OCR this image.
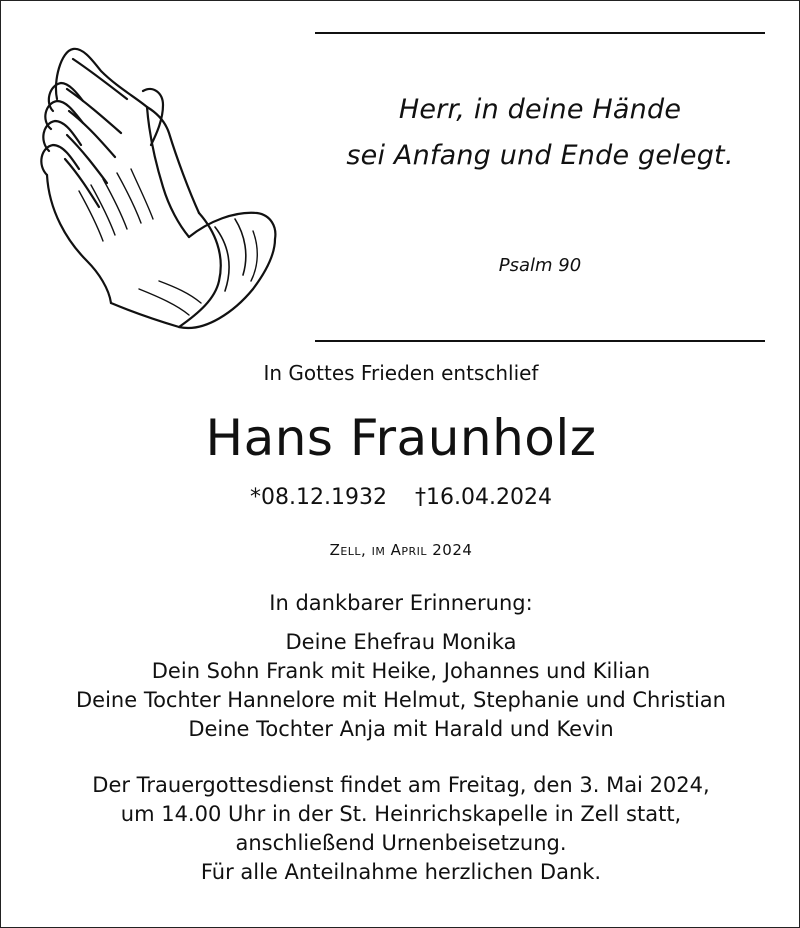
Herr, in deine Hände
sei Anfang und Ende gelegt.
Psalm 90
In Gottes Frieden entschlief
Hans Fraunholz
*08.12.1932 †16.04.2024
Zell, im April 2024
In dankbarer Erinnerung:
Deine Ehefrau Monika
Dein Sohn Frank mit Heike, Johannes und Kilian
Deine Tochter Hannelore mit Helmut, Stephanie und Christian
Deine Tochter Anja mit Harald und Kevin
Der Trauergottesdienst findet am Freitag, den 3. Mai 2024,
um 14.00 Uhr in der St. Heinrichskapelle in Zell statt,
anschließend Urnenbeisetzung.
Für alle Anteilnahme herzlichen Dank.
